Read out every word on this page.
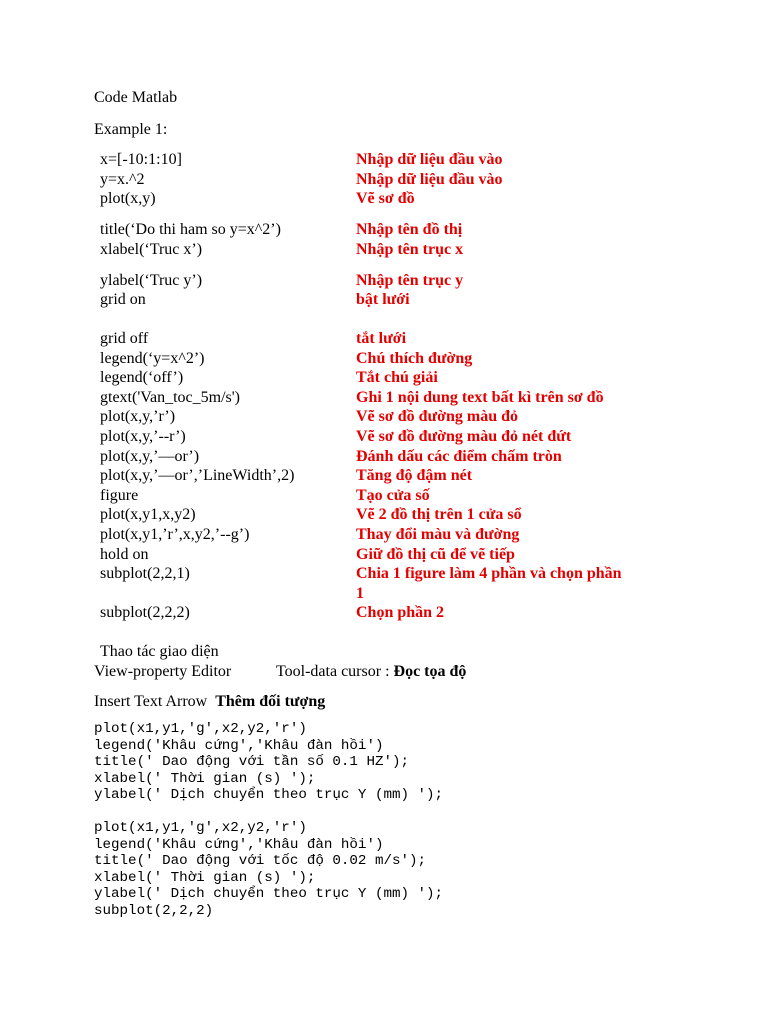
Code Matlab
Example 1:
x=[-10:1:10]	Nhập dữ liệu đầu vào
y=x.^2	Nhập dữ liệu đầu vào
plot(x,y)	Vẽ sơ đồ
title(‘Do thi ham so y=x^2’)	Nhập tên đồ thị
xlabel(‘Truc x’)	Nhập tên trục x
ylabel(‘Truc y’)	Nhập tên trục y
grid on	bật lưới
grid off	tắt lưới
legend(‘y=x^2’)	Chú thích đường
legend(‘off’)	Tắt chú giải
gtext('Van_toc_5m/s')	Ghi 1 nội dung text bất kì trên sơ đồ
plot(x,y,’r’)	Vẽ sơ đồ đường màu đỏ
plot(x,y,’--r’)	Vẽ sơ đồ đường màu đỏ nét đứt
plot(x,y,’—or’)	Đánh dấu các điểm chấm tròn
plot(x,y,’—or’,’LineWidth’,2)	Tăng độ đậm nét
figure	Tạo cửa số
plot(x,y1,x,y2)	Vẽ 2 đồ thị trên 1 cửa sổ
plot(x,y1,’r’,x,y2,’--g’)	Thay đổi màu và đường
hold on	Giữ đồ thị cũ để vẽ tiếp
subplot(2,2,1)	Chia 1 figure làm 4 phần và chọn phần
1
subplot(2,2,2)	Chọn phần 2
Thao tác giao diện
View-property Editor	Tool-data cursor : Đọc tọa độ
Insert Text Arrow Thêm đối tượng
plot(x1,y1,'g',x2,y2,'r')
legend('Khâu cứng','Khâu đàn hồi')
title(' Dao động với tần số 0.1 HZ');
xlabel(' Thời gian (s) ');
ylabel(' Dịch chuyển theo trục Y (mm) ');
plot(x1,y1,'g',x2,y2,'r')
legend('Khâu cứng','Khâu đàn hồi')
title(' Dao động với tốc độ 0.02 m/s');
xlabel(' Thời gian (s) ');
ylabel(' Dịch chuyển theo trục Y (mm) ');
subplot(2,2,2)
